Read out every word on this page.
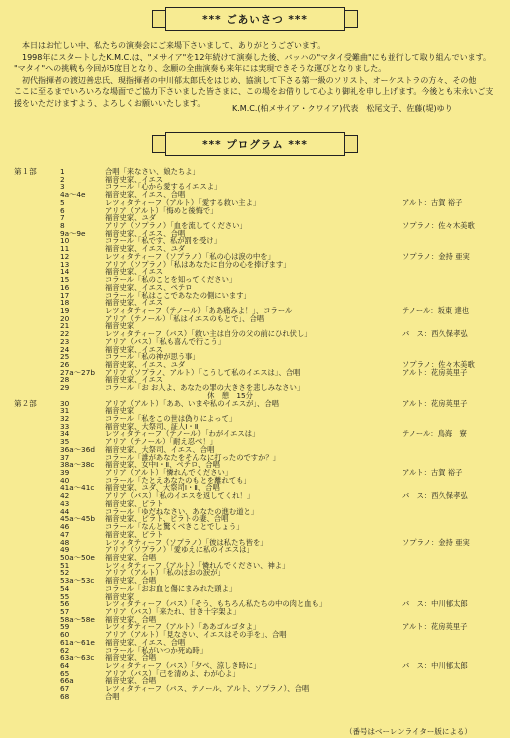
*** ごあいさつ ***

　本日はお忙しい中、私たちの演奏会にご来場下さいまして、ありがとうございます。

　1998年にスタートしたK.M.C.は、"メサイア"を12年続けて演奏した後、バッハの"マタイ受難曲"にも並行して取り組んでいます。

"マタイ"への挑戦も今回が5度目となり、念願の全曲演奏も来年には実現できそうな運びとなりました。

　初代指揮者の渡辺善忠氏、現指揮者の中川郁太郎氏をはじめ、協演して下さる第一級のソリスト、オーケストラの方々、その他

ここに至るまでいろいろな場面でご協力下さいました皆さまに、この場をお借りして心より御礼を申し上げます。今後とも末永いご支

援をいただけますよう、よろしくお願いいたします。

K.M.C.(柏メサイア・クワイア)代表　松尾文子、佐藤(堤)ゆり
*** プログラム ***
第１部	1	合唱「来なさい、娘たちよ」
2	福音史家、イエス
3	コラール「心から愛するイエスよ」
4a～4e	福音史家、イエス、合唱
5	レツィタティーフ（アルト）「愛する救い主よ」	アルト：古賀 裕子
6	アリア（アルト）「悔めと後悔で」
7	福音史家、ユダ
8	アリア（ソプラノ）「血を流してください」	ソプラノ：佐々木美歌
9a～9e	福音史家、イエス、合唱
10	コラール「私です、私が罰を受け」
11	福音史家、イエス、ユダ
12	レツィタティーフ（ソプラノ）「私の心は涙の中を」	ソプラノ：金持 亜実
13	アリア（ソプラノ）「私はあなたに自分の心を捧げます」
14	福音史家、イエス
15	コラール「私のことを知ってください」
16	福音史家、イエス、ペテロ
17	コラール「私はここであなたの側にいます」
18	福音史家、イエス
19	レツィタティーフ（テノール）「ああ痛みよ！」、コラール	テノール：坂東 達也
20	アリア（テノール）「私はイエスのもとで」、合唱
21	福音史家
22	レツィタティーフ（バス）「救い主は自分の父の前にひれ伏し」	バ　ス：西久保孝弘
23	アリア（バス）「私も喜んで行こう」
24	福音史家、イエス
25	コラール「私の神が思う事」
26	福音史家、イエス、ユダ	ソプラノ：佐々木美歌
27a～27b アリア（ソプラノ、アルト）「こうして私のイエスは」、合唱	アルト：花房英里子
28	福音史家、イエス
29	コラール「お お人よ、あなたの罪の大きさを悲しみなさい」
　　　　　　　　　　　　　　休　憩　15分
第２部	30	アリア（アルト）「ああ、いまや私のイエスが」、合唱	アルト：花房英里子
31	福音史家
32	コラール「私をこの世は偽りによって」
33	福音史家、大祭司、証人Ⅰ・Ⅱ
34	レツィタティーフ（テノール）「わがイエスは」	テノール：鳥海　寮
35	アリア（テノール）「耐え忍べ！」
36a～36d 福音史家、大祭司、イエス、合唱
37	コラール「誰があなたをそんなに打ったのですか？」
38a～38c 福音史家、女中Ⅰ・Ⅱ、ペテロ、合唱
39	アリア（アルト）「憐れんでください」	アルト：古賀 裕子
40	コラール「たとえあなたのもとを離れても」
41a～41c 福音史家、ユダ、大祭司Ⅰ・Ⅱ、合唱
42	アリア（バス）「私のイエスを返してくれ！」	バ　ス：西久保孝弘
43	福音史家、ピラト
44	コラール「ゆだねなさい、あなたの進む道と」
45a～45b 福音史家、ピラト、ピラトの妻、合唱
46	コラール「なんと驚くべきことでしょう」
47	福音史家、ピラト
48	レツィタティーフ（ソプラノ）「彼は私たち皆を」	ソプラノ：金持 亜実
49	アリア（ソプラノ）「愛ゆえに私のイエスは」
50a～50e 福音史家、合唱
51	レツィタティーフ（アルト）「憐れんでください、神よ」
52	アリア（アルト）「私のほおの涙が」
53a～53c 福音史家、合唱
54	コラール「おお血と傷にまみれた頭よ」
55	福音史家
56	レツィタティーフ（バス）「そう、もちろん私たちの中の肉と血も」	バ　ス：中川郁太郎
57	アリア（バス）「来たれ、甘き十字架よ」
58a～58e 福音史家、合唱
59	レツィタティーフ（アルト）「ああゴルゴタよ」	アルト：花房英里子
60	アリア（アルト）「見なさい、イエスはその手を」、合唱
61a～61e 福音史家、イエス、合唱
62	コラール「私がいつか死ぬ時」
63a～63c 福音史家、合唱
64	レツィタティーフ（バス）「夕べ、涼しき時に」	バ　ス：中川郁太郎
65	アリア（バス）「己を清めよ、わが心よ」
66a	福音史家、合唱
67	レツィタティーフ（バス、テノール、アルト、ソプラノ）、合唱
68	合唱
（番号はベーレンライター版による）
